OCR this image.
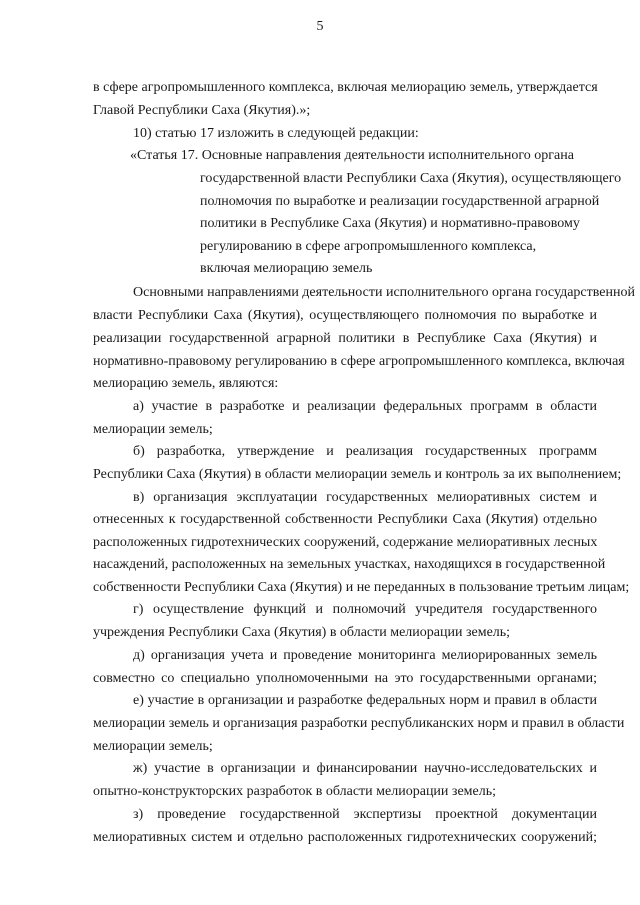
5
в сфере агропромышленного комплекса, включая мелиорацию земель, утверждается
Главой Республики Саха (Якутия).»;
10) статью 17 изложить в следующей редакции:
«Статья 17. Основные направления деятельности исполнительного органа
государственной власти Республики Саха (Якутия), осуществляющего
полномочия по выработке и реализации государственной аграрной
политики в Республике Саха (Якутия) и нормативно-правовому
регулированию в сфере агропромышленного комплекса,
включая мелиорацию земель
Основными направлениями деятельности исполнительного органа государственной
власти Республики Саха (Якутия), осуществляющего полномочия по выработке и
реализации государственной аграрной политики в Республике Саха (Якутия) и
нормативно-правовому регулированию в сфере агропромышленного комплекса, включая
мелиорацию земель, являются:
а) участие в разработке и реализации федеральных программ в области
мелиорации земель;
б) разработка, утверждение и реализация государственных программ
Республики Саха (Якутия) в области мелиорации земель и контроль за их выполнением;
в) организация эксплуатации государственных мелиоративных систем и
отнесенных к государственной собственности Республики Саха (Якутия) отдельно
расположенных гидротехнических сооружений, содержание мелиоративных лесных
насаждений, расположенных на земельных участках, находящихся в государственной
собственности Республики Саха (Якутия) и не переданных в пользование третьим лицам;
г) осуществление функций и полномочий учредителя государственного
учреждения Республики Саха (Якутия) в области мелиорации земель;
д) организация учета и проведение мониторинга мелиорированных земель
совместно со специально уполномоченными на это государственными органами;
е) участие в организации и разработке федеральных норм и правил в области
мелиорации земель и организация разработки республиканских норм и правил в области
мелиорации земель;
ж) участие в организации и финансировании научно-исследовательских и
опытно-конструкторских разработок в области мелиорации земель;
з) проведение государственной экспертизы проектной документации
мелиоративных систем и отдельно расположенных гидротехнических сооружений;
